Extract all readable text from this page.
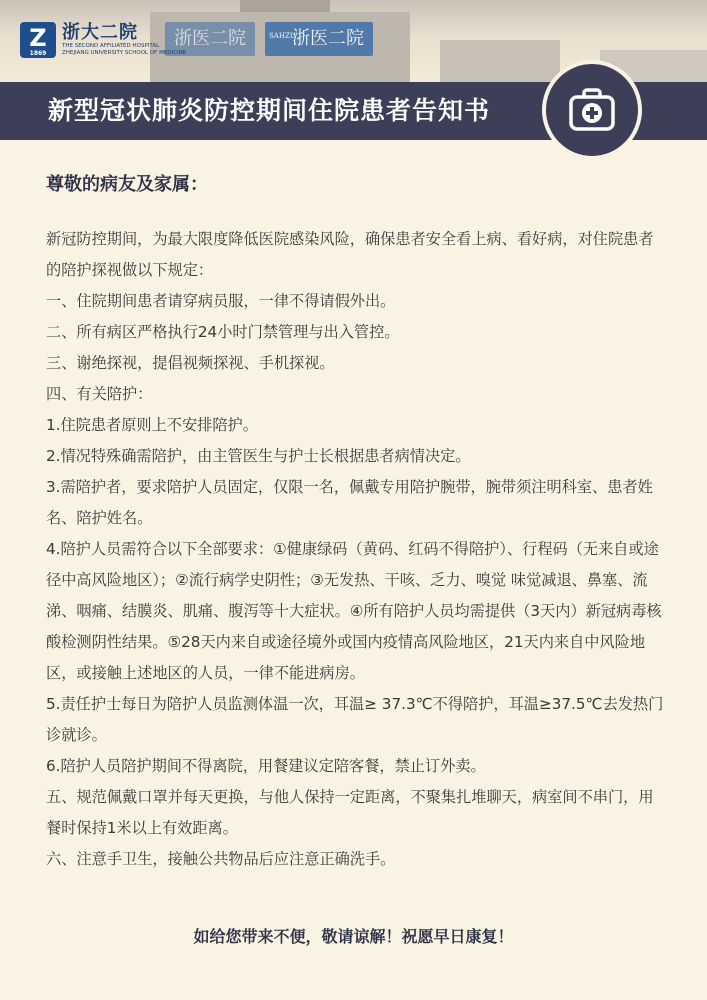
浙医二院	SAHZU
浙医二院
Z
1869
浙大二院
THE SECOND AFFILIATED HOSPITAL
ZHEJIANG UNIVERSITY SCHOOL OF MEDICINE
新型冠状肺炎防控期间住院患者告知书

尊敬的病友及家属：

新冠防控期间，为最大限度降低医院感染风险，确保患者安全看上病、看好病，对住院患者的陪护探视做以下规定：

一、住院期间患者请穿病员服，一律不得请假外出。

二、所有病区严格执行24小时门禁管理与出入管控。

三、谢绝探视，提倡视频探视、手机探视。

四、有关陪护：

1.住院患者原则上不安排陪护。

2.情况特殊确需陪护，由主管医生与护士长根据患者病情决定。

3.需陪护者，要求陪护人员固定，仅限一名，佩戴专用陪护腕带，腕带须注明科室、患者姓名、陪护姓名。

4.陪护人员需符合以下全部要求：①健康绿码（黄码、红码不得陪护）、行程码（无来自或途径中高风险地区）；②流行病学史阴性；③无发热、干咳、乏力、嗅觉 味觉减退、鼻塞、流涕、咽痛、结膜炎、肌痛、腹泻等十大症状。④所有陪护人员均需提供（3天内）新冠病毒核酸检测阴性结果。⑤28天内来自或途径境外或国内疫情高风险地区，21天内来自中风险地区，或接触上述地区的人员，一律不能进病房。

5.责任护士每日为陪护人员监测体温一次，耳温≥ 37.3℃不得陪护，耳温≥37.5℃去发热门诊就诊。

6.陪护人员陪护期间不得离院，用餐建议定陪客餐，禁止订外卖。

五、规范佩戴口罩并每天更换，与他人保持一定距离，不聚集扎堆聊天，病室间不串门，用餐时保持1米以上有效距离。

六、注意手卫生，接触公共物品后应注意正确洗手。

如给您带来不便，敬请谅解！祝愿早日康复！
